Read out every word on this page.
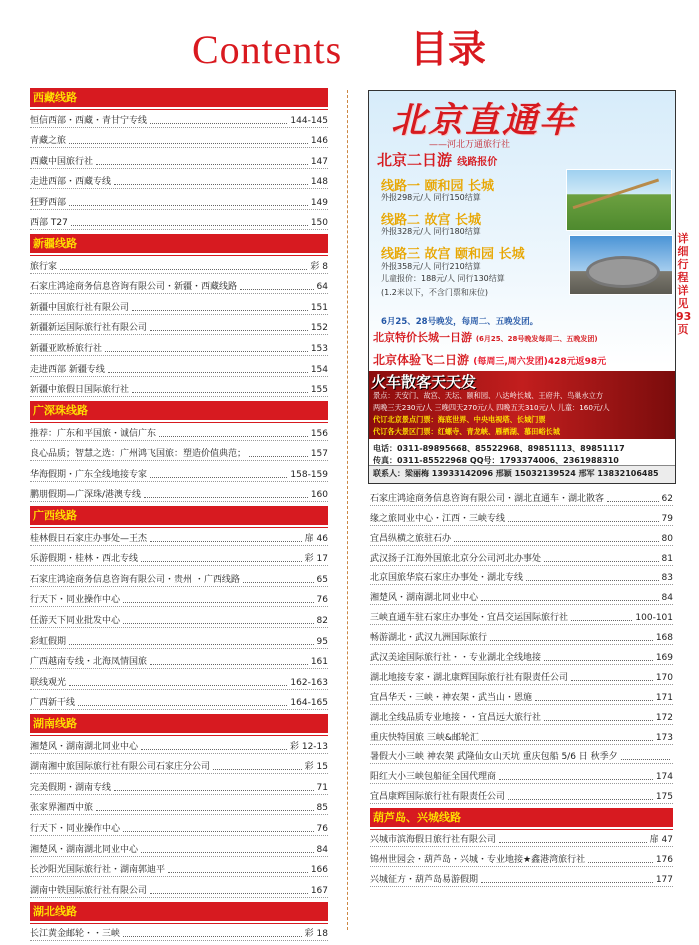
Contents 目录
西藏线路
恒信西部・西藏・青甘宁专线	144-145
青藏之旅	146
西藏中国旅行社	147
走进西部・西藏专线	148
狂野西部	149
西部 T27	150
新疆线路
旅行家	彩 8
石家庄鸿途商务信息咨询有限公司・新疆・西藏线路	64
新疆中国旅行社有限公司	151
新疆新运国际旅行社有限公司	152
新疆亚欧桥旅行社	153
走进西部 新疆专线	154
新疆中旅假日国际旅行社	155
广深珠线路
推荐：广东和平国旅・诚信广东	156
良心品质；智慧之选：广州鸿飞国旅：塑造价值典范；	157
华海假期・广东全线地接专家	158-159
鹏朋假期—广深珠/港澳专线	160
广西线路
桂林假日石家庄办事处—王杰	扉 46
乐游假期・桂林・西北专线	彩 17
石家庄鸿途商务信息咨询有限公司・贵州 ・广西线路	65
行天下・同业操作中心	76
任游天下同业批发中心	82
彩虹假期	95
广西越南专线・北海凤情国旅	161
联线观光	162-163
广西新干线	164-165
湖南线路
湘楚风・湖南湖北同业中心	彩 12-13
湖南湘中旅国际旅行社有限公司石家庄分公司	彩 15
完美假期・湖南专线	71
张家界湘西中旅	85
行天下・同业操作中心	76
湘楚风・湖南湖北同业中心	84
长沙阳光国际旅行社・湖南郭迪平	166
湖南中铁国际旅行社有限公司	167
湖北线路
长江黄金邮轮・・三峡	彩 18
北京直通车
——河北万通旅行社
北京二日游 线路报价
线路一 颐和园 长城
外报298元/人 同行150结算
线路二 故宫 长城
外报328元/人 同行180结算
线路三 故宫 颐和园 长城
外报358元/人 同行210结算
儿童报价：188元/人 同行130结算
(1.2米以下，不含门票和床位)
6月25、28号晚发，每周二、五晚发团。
北京特价长城一日游 (6月25、28号晚发每周二、五晚发团)
北京体验飞二日游 (每周三,周六发团)428元返98元
火车散客天天发
景点：天安门、故宫、天坛、颐和园、八达岭长城、王府井、鸟巢水立方
两晚三天230元/人 三晚四天270元/人 四晚五天310元/人 儿童：160元/人
代订北京景点门票：海底世界、中央电视塔、长城门票
代订各大景区门票：红螺寺、青龙峡、雁栖湖、慕田峪长城
电话：0311-89895668、85522968、89851113、89851117
传真：0311-85522968 QQ号：1793374006、2361988310
联系人：梁丽梅 13933142096 邢颖 15032139524 邢军 13832106485
详细行程 详见93页
石家庄鸿途商务信息咨询有限公司・湖北直通车・湖北散客	62
缘之旅同业中心・江西・三峡专线	79
宜昌纵横之旅驻石办	80
武汉扬子江海外国旅北京分公司河北办事处	81
北京国旅华宸石家庄办事处・湖北专线	83
湘楚风・湖南湖北同业中心	84
三峡直通车驻石家庄办事处・宜昌交运国际旅行社	100-101
畅游湖北・武汉九洲国际旅行	168
武汉美途国际旅行社・・专业湖北全线地接	169
湖北地接专家・湖北康辉国际旅行社有限责任公司	170
宜昌华天・三峡・神农架・武当山・恩施	171
湖北全线品质专业地接・・宜昌远大旅行社	172
重庆快特国旅 三峡&邮轮汇	173
暑假大小三峡 神农架 武隆仙女山天坑 重庆包船 5/6 日 秋季夕
阳红大小三峡包船征全国代理商	174
宜昌康辉国际旅行社有限责任公司	175
葫芦岛、兴城线路
兴城市滨海假日旅行社有限公司	扉 47
锦州世园会・葫芦岛・兴城・专业地接★鑫港湾旅行社	176
兴城征方・葫芦岛易游假期	177
